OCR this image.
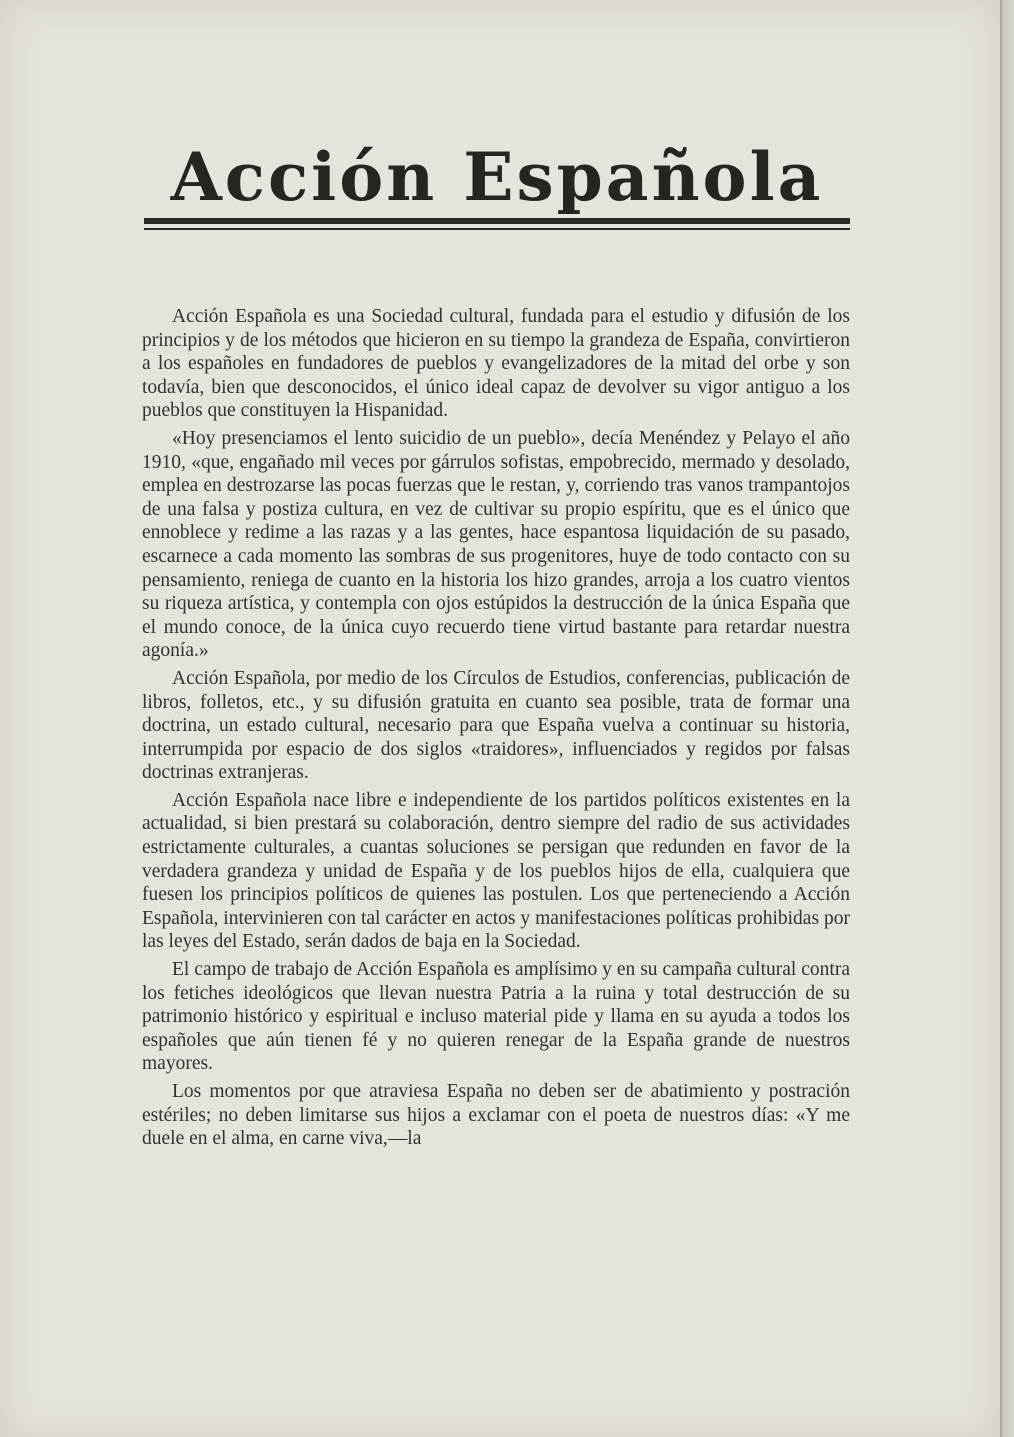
Acción Española

Acción Española es una Sociedad cultural, fundada para el estudio y difusión de los principios y de los métodos que hicieron en su tiempo la grandeza de España, convirtieron a los españoles en fundadores de pueblos y evangelizadores de la mitad del orbe y son todavía, bien que desconocidos, el único ideal capaz de devolver su vigor antiguo a los pueblos que constituyen la Hispanidad.

«Hoy presenciamos el lento suicidio de un pueblo», decía Menéndez y Pelayo el año 1910, «que, engañado mil veces por gárrulos sofistas, empobrecido, mermado y desolado, emplea en destrozarse las pocas fuerzas que le restan, y, corriendo tras vanos trampantojos de una falsa y postiza cultura, en vez de cultivar su propio espíritu, que es el único que ennoblece y redime a las razas y a las gentes, hace espantosa liquidación de su pasado, escarnece a cada momento las sombras de sus progenitores, huye de todo contacto con su pensamiento, reniega de cuanto en la historia los hizo grandes, arroja a los cuatro vientos su riqueza artística, y contempla con ojos estúpidos la destrucción de la única España que el mundo conoce, de la única cuyo recuerdo tiene virtud bastante para retardar nuestra agonía.»

Acción Española, por medio de los Círculos de Estudios, conferencias, publicación de libros, folletos, etc., y su difusión gratuita en cuanto sea posible, trata de formar una doctrina, un estado cultural, necesario para que España vuelva a continuar su historia, interrumpida por espacio de dos siglos «traidores», influenciados y regidos por falsas doctrinas extranjeras.

Acción Española nace libre e independiente de los partidos políticos existentes en la actualidad, si bien prestará su colaboración, dentro siempre del radio de sus actividades estrictamente culturales, a cuantas soluciones se persigan que redunden en favor de la verdadera grandeza y unidad de España y de los pueblos hijos de ella, cualquiera que fuesen los principios políticos de quienes las postulen. Los que perteneciendo a Acción Española, intervinieren con tal carácter en actos y manifestaciones políticas prohibidas por las leyes del Estado, serán dados de baja en la Sociedad.

El campo de trabajo de Acción Española es amplísimo y en su campaña cultural contra los fetiches ideológicos que llevan nuestra Patria a la ruina y total destrucción de su patrimonio histórico y espiritual e incluso material pide y llama en su ayuda a todos los españoles que aún tienen fé y no quieren renegar de la España grande de nuestros mayores.

Los momentos por que atraviesa España no deben ser de abatimiento y postración estériles; no deben limitarse sus hijos a exclamar con el poeta de nuestros días: «Y me duele en el alma, en carne viva,—la
